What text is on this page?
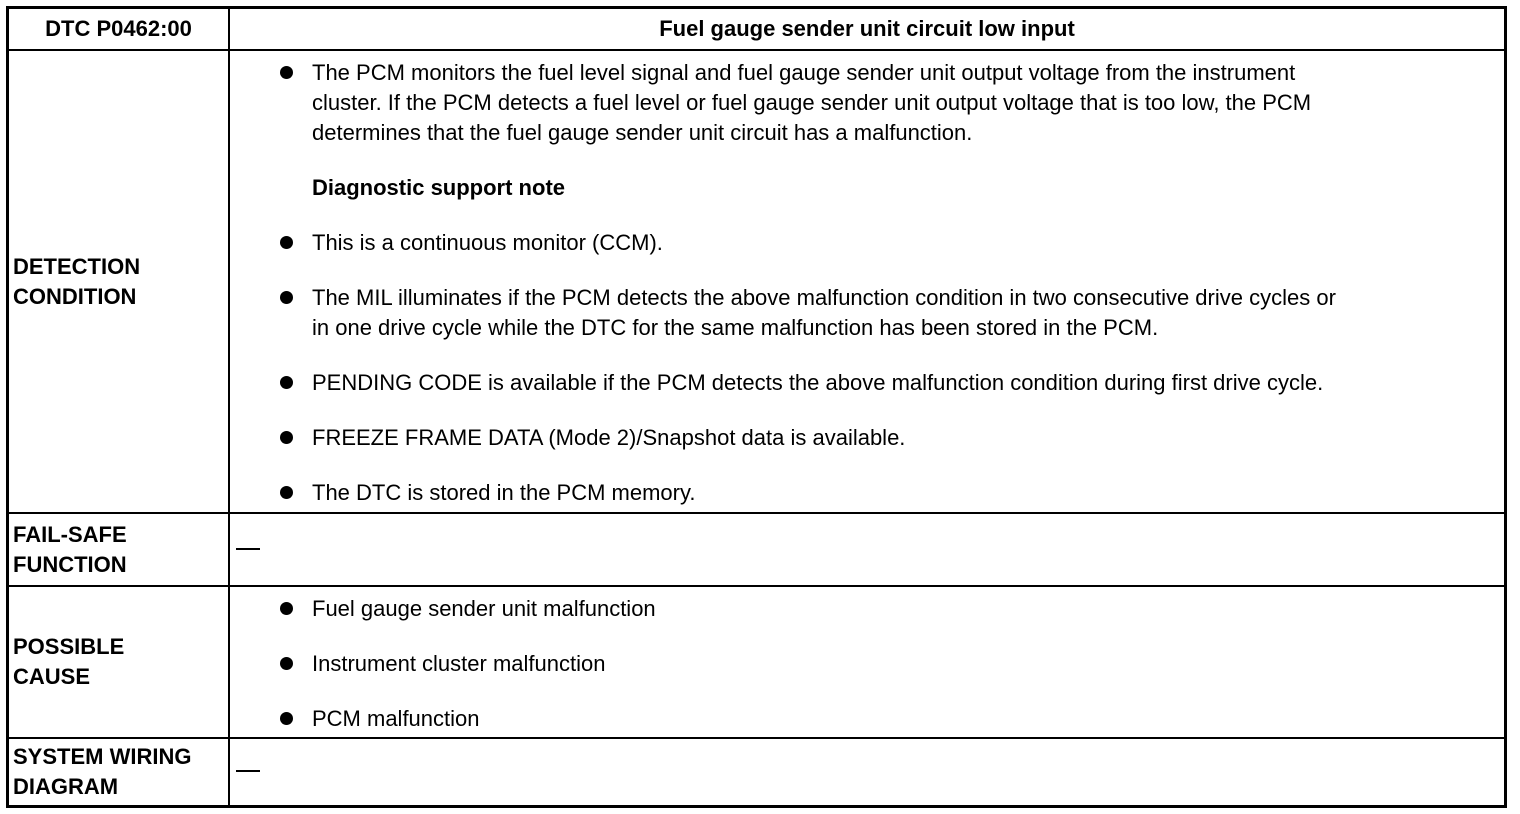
DTC P0462:00	Fuel gauge sender unit circuit low input
DETECTION
CONDITION
The PCM monitors the fuel level signal and fuel gauge sender unit output voltage from the instrument
cluster. If the PCM detects a fuel level or fuel gauge sender unit output voltage that is too low, the PCM
determines that the fuel gauge sender unit circuit has a malfunction.
Diagnostic support note
This is a continuous monitor (CCM).
The MIL illuminates if the PCM detects the above malfunction condition in two consecutive drive cycles or
in one drive cycle while the DTC for the same malfunction has been stored in the PCM.
PENDING CODE is available if the PCM detects the above malfunction condition during first drive cycle.
FREEZE FRAME DATA (Mode 2)/Snapshot data is available.
The DTC is stored in the PCM memory.
FAIL-SAFE
FUNCTION
POSSIBLE
CAUSE
Fuel gauge sender unit malfunction
Instrument cluster malfunction
PCM malfunction
SYSTEM WIRING
DIAGRAM
